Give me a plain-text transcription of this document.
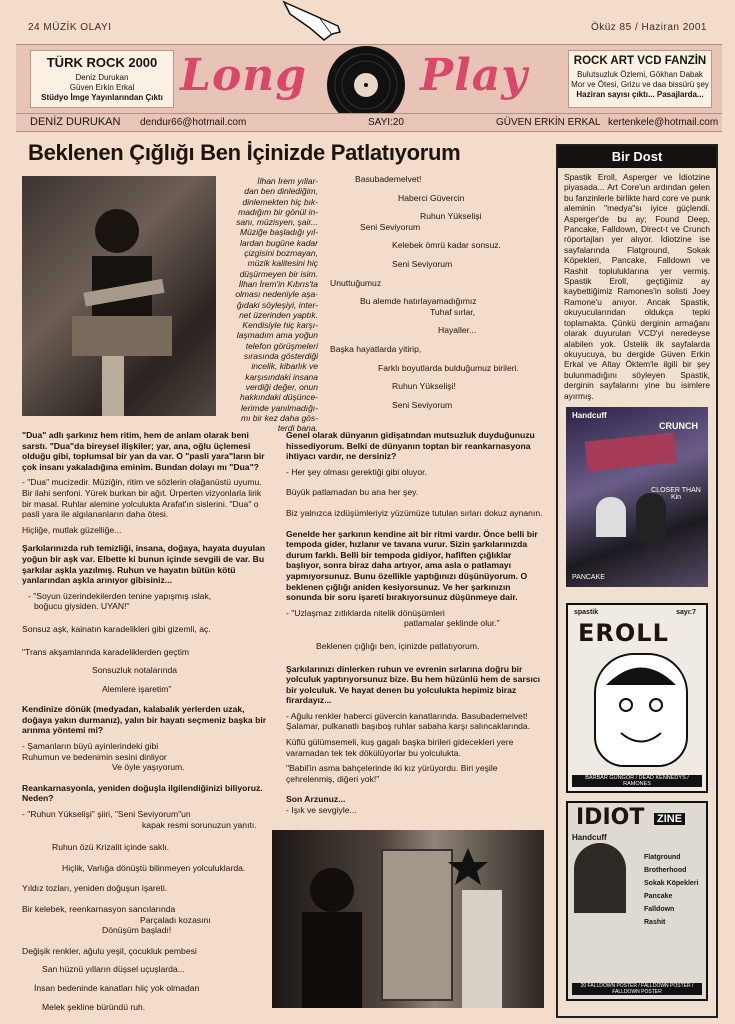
24 MÜZİK OLAYI	Öküz 85 / Haziran 2001
TÜRK ROCK 2000
Deniz Durukan
Güven Erkin Erkal
Stüdyo İmge Yayınlarından Çıktı Long	Play	ROCK ART VCD FANZİN
Bulutsuzluk Özlemi, Gökhan Dabak
Mor ve Ötesi, Grizu ve daa bissürü şey
Haziran sayısı çıktı... Pasajlarda...
DENİZ DURUKAN dendur66@hotmail.com	SAYI:20	GÜVEN ERKİN ERKAL kertenkele@hotmail.com
Beklenen Çığlığı Ben İçinizde Patlatıyorum
İlhan İrem yıllar-
dan ben dinlediğim,
dinlemekten hiç bık-
madığım bir gönül in-
sanı, müzisyen, şair...
Müziğe başladığı yıl-
lardan bugüne kadar
çizgisini bozmayan,
müzik kalitesini hiç
düşürmeyen bir isim.
İlhan İrem'in Kıbrıs'ta
olması nedeniyle aşa-
ğıdaki söyleşiyi, inter-
net üzerinden yaptık.
Kendisiyle hiç karşı-
laşmadım ama yoğun
telefon görüşmeleri
sırasında gösterdiği
incelik, kibarlık ve
karşısındaki insana
verdiği değer, onun
hakkındaki düşünce-
lerimde yanılmadığı-
mı bir kez daha gös-
terdi bana.

Basubademelvet!

Haberci Güvercin

Ruhun Yükselişi

Seni Seviyorum

Kelebek ömrü kadar sonsuz.

Seni Seviyorum

Unuttuğumuz

Bu alemde hatırlayamadığımız

Tuhaf sırlar,

Hayaller...

Başka hayatlarda yitirip,

Farklı boyutlarda bulduğumuz birileri.

Ruhun Yükselişi!

Seni Seviyorum

"Dua" adlı şarkınız hem ritim, hem de anlam olarak beni sarstı. "Dua"da bireysel ilişkiler; yar, ana, oğlu üçlemesi olduğu gibi, toplumsal bir yan da var. O "pasli yara"ların bir çok insanı yakaladığına eminim. Bundan dolayı mı "Dua"?

- "Dua" mucizedir. Müziğin, ritim ve sözlerin olağanüstü uyumu. Bir ilahi senfoni. Yürek burkan bir ağıt. Ürperten vizyonlarla lirik bir masal. Ruhlar alemine yolculukta Arafat'ın sislerini. "Dua" o pasli yara ile algılananların daha ötesi.

Hiçliğe, mutlak güzelliğe...

Şarkılarınızda ruh temizliği, insana, doğaya, hayata duyulan yoğun bir aşk var. Elbette ki bunun içinde sevgili de var. Bu şarkılar aşkla yazılmış. Ruhun ve hayatın bütün kötü yanlarından aşkla arınıyor gibisiniz...

- "Soyun üzerindekilerden tenine yapışmış ıslak,

boğucu giysiden. UYAN!"

Sonsuz aşk, kainatın karadelikleri gibi gizemli, aç.

"Trans akşamlarında karadeliklerden geçtim

Sonsuzluk notalarında

Alemlere işaretim"

Kendinize dönük (medyadan, kalabalık yerlerden uzak, doğaya yakın durmanız), yalın bir hayatı seçmeniz başka bir arınma yöntemi mi?

- Şamanların büyü ayinlerindeki gibi

Ruhumun ve bedenimin sesini dinliyor

Ve öyle yaşıyorum.

Reankarnasyonla, yeniden doğuşla ilgilendiğinizi biliyoruz. Neden?

- "Ruhun Yükselişi" şiiri, "Seni Seviyorum"un

kapak resmi sorunuzun yanıtı.

Ruhun özü Krizalit içinde saklı.

Hiçlik, Varlığa dönüştü bilinmeyen yolculuklarda.

Yıldız tozları, yeniden doğuşun işareti.

Bir kelebek, reenkarnasyon sancılarında

Parçaladı kozasını

Dönüşüm başladı!

Değişik renkler, ağulu yeşil, çocukluk pembesi

San hüznü yılların düşsel uçuşlarda...

İnsan bedeninde kanatları hiiç yok olmadan

Melek şekline büründü ruh.

Genel olarak dünyanın gidişatından mutsuzluk duyduğunuzu hissediyorum. Belki de dünyanın toptan bir reankarnasyona ihtiyacı vardır, ne dersiniz?

- Her şey olması gerektiği gibi oluyor.

Büyük patlamadan bu ana her şey.

Biz yalnızca izdüşümleriyiz yüzümüze tutulan sırları dokuz aynanın.

Genelde her şarkının kendine ait bir ritmi vardır. Önce belli bir tempoda gider, hızlanır ve tavana vurur. Sizin şarkılarınızda durum farklı. Belli bir tempoda gidiyor, hafiften çığlıklar başlıyor, sonra biraz daha artıyor, ama asla o patlamayı yapmıyorsunuz. Bunu özellikle yaptığınızı düşünüyorum. O beklenen çığlığı aniden kesiyorsunuz. Ve her şarkınızın sonunda bir soru işareti bırakıyorsunuz düşünmeye dair.

- "Uzlaşmaz zıtlıklarda nitelik dönüşümleri

patlamalar şeklinde olur."

Beklenen çığlığı ben, içinizde patlatıyorum.

Şarkılarınızı dinlerken ruhun ve evrenin sırlarına doğru bir yolculuk yaptırıyorsunuz bize. Bu hem hüzünlü hem de sarsıcı bir yolculuk. Ve hayat denen bu yolculukta hepimiz biraz firardayız...

- Ağulu renkler haberci güvercin kanatlarında. Basubademelvet! Şalamar, pulkanatlı başıboş ruhlar sabaha karşı salıncaklarında.

Küflü gülümsemeli, kuş gagalı başka birileri gidecekleri yere varamadan tek tek dökülüyorlar bu yolculukta.

"Babil'in asma bahçelerinde iki kız yürüyordu. Biri yeşile çehrelenmiş, diğeri yok!"

Son Arzunuz...

- Işık ve sevgiyle...

Bir Dost
Spastik Eroll, Asperger ve İdiotzine piyasada... Art Core'un ardından gelen bu fanzinlerle birlikte hard core ve punk aleminin "medya"sı iyice güçlendi. Asperger'de bu ay; Found Deep, Pancake, Falldown, Direct-t ve Crunch röportajları yer alıyor. İdiotzine ise sayfalarında Flatground, Sokak Köpekleri, Pancake, Falldown ve Rashit topluluklarına yer vermiş. Spastik Eroll, geçtiğimiz ay kaybettiğimiz Ramones'in solisti Joey Ramone'u anıyor. Ancak Spastik, okuyucularından oldukça tepki toplamakta. Çünkü derginin armağanı olarak duyurulan VCD'yi neredeyse alabilen yok. Üstelik ilk sayfalarda okuyucuya, bu dergide Güven Erkin Erkal ve Altay Öktem'le ilgili bir şey bulunmadığını söyleyen Spastik, derginin sayfalarını yine bu isimlere ayırmış.
Handcuff
CRUNCH
CLOSER THAN Kin
PANCAKE
spastik	sayı:7
EROLL
BARBAR GÜNGÖR / DEAD KENNEDYS / RAMONES
IDIOT ZINE
Handcuff
Flatground
Brotherhood
Sokak Köpekleri
Pancake
Falldown
Rashit
20 FALLDOWN POSTER / FALLDOWN POSTER / FALLDOWN POSTER
